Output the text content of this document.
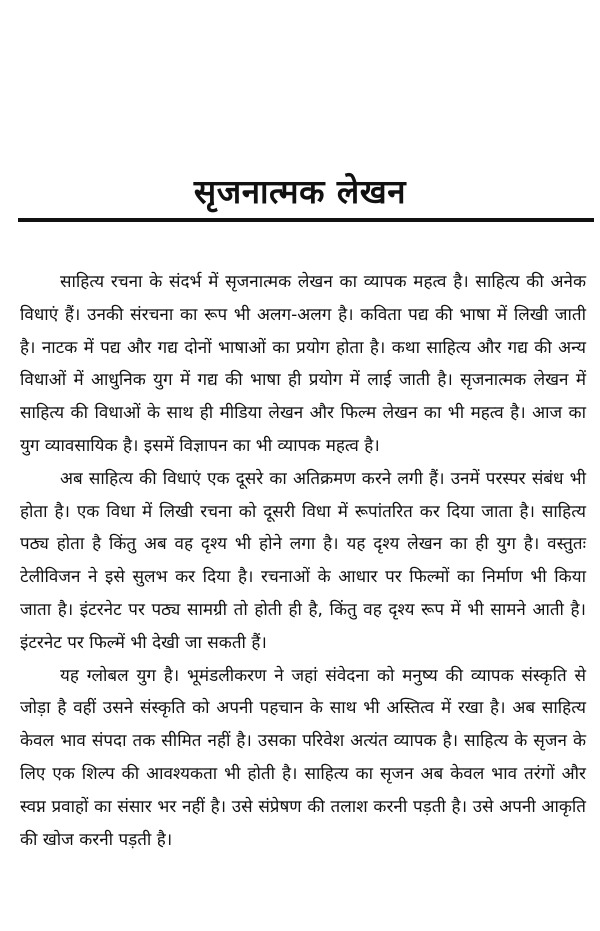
सृजनात्मक लेखन

साहित्य रचना के संदर्भ में सृजनात्मक लेखन का व्यापक महत्व है। साहित्य की अनेक विधाएं हैं। उनकी संरचना का रूप भी अलग-अलग है। कविता पद्य की भाषा में लिखी जाती है। नाटक में पद्य और गद्य दोनों भाषाओं का प्रयोग होता है। कथा साहित्य और गद्य की अन्य विधाओं में आधुनिक युग में गद्य की भाषा ही प्रयोग में लाई जाती है। सृजनात्मक लेखन में साहित्य की विधाओं के साथ ही मीडिया लेखन और फिल्म लेखन का भी महत्व है। आज का युग व्यावसायिक है। इसमें विज्ञापन का भी व्यापक महत्व है।

अब साहित्य की विधाएं एक दूसरे का अतिक्रमण करने लगी हैं। उनमें परस्पर संबंध भी होता है। एक विधा में लिखी रचना को दूसरी विधा में रूपांतरित कर दिया जाता है। साहित्य पठ्य होता है किंतु अब वह दृश्य भी होने लगा है। यह दृश्य लेखन का ही युग है। वस्तुतः टेलीविजन ने इसे सुलभ कर दिया है। रचनाओं के आधार पर फिल्मों का निर्माण भी किया जाता है। इंटरनेट पर पठ्य सामग्री तो होती ही है, किंतु वह दृश्य रूप में भी सामने आती है। इंटरनेट पर फिल्में भी देखी जा सकती हैं।

यह ग्लोबल युग है। भूमंडलीकरण ने जहां संवेदना को मनुष्य की व्यापक संस्कृति से जोड़ा है वहीं उसने संस्कृति को अपनी पहचान के साथ भी अस्तित्व में रखा है। अब साहित्य केवल भाव संपदा तक सीमित नहीं है। उसका परिवेश अत्यंत व्यापक है। साहित्य के सृजन के लिए एक शिल्प की आवश्यकता भी होती है। साहित्य का सृजन अब केवल भाव तरंगों और स्वप्न प्रवाहों का संसार भर नहीं है। उसे संप्रेषण की तलाश करनी पड़ती है। उसे अपनी आकृति की खोज करनी पड़ती है।
